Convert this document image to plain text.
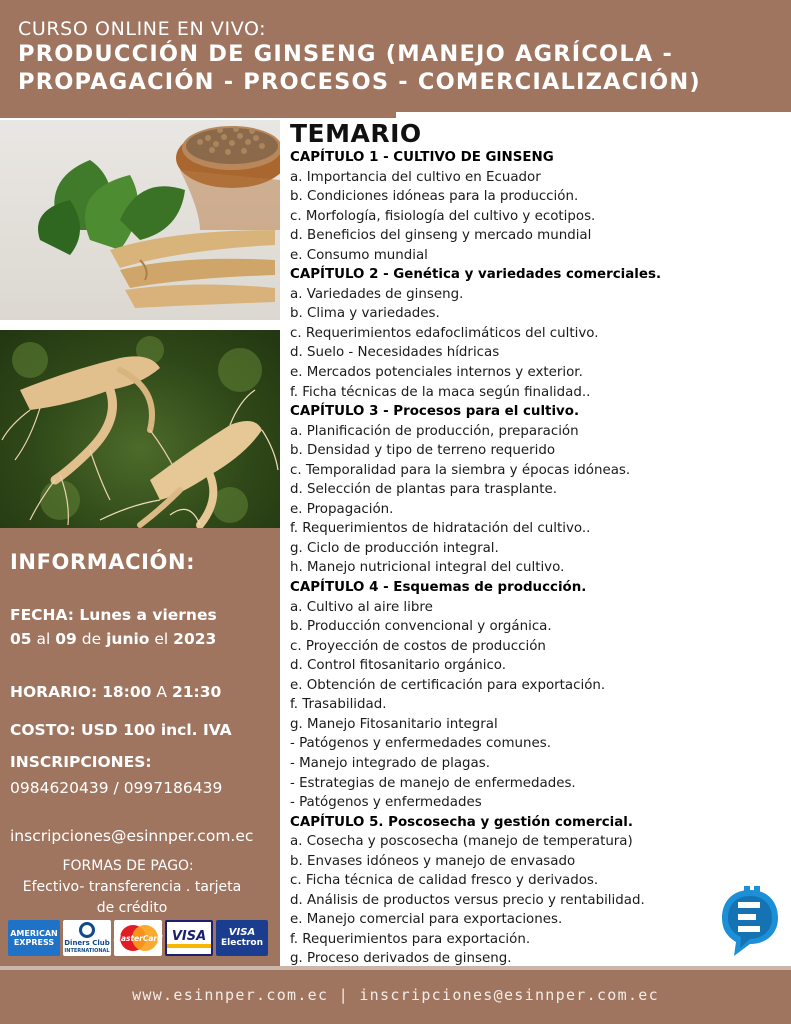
CURSO ONLINE EN VIVO:
PRODUCCIÓN DE GINSENG (MANEJO AGRÍCOLA -
PROPAGACIÓN - PROCESOS - COMERCIALIZACIÓN)
INFORMACIÓN:
FECHA: Lunes a viernes
05 al 09 de junio el 2023
HORARIO: 18:00 A 21:30
COSTO: USD 100 incl. IVA
INSCRIPCIONES:
0984620439 / 0997186439
inscripciones@esinnper.com.ec
FORMAS DE PAGO:
Efectivo- transferencia . tarjeta
de crédito
AMERICAN
EXPRESS Diners Club
INTERNATIONAL
MasterCard VISA VISA
Electron
TEMARIO
CAPÍTULO 1 - CULTIVO DE GINSENG
a. Importancia del cultivo en Ecuador
b. Condiciones idóneas para la producción.
c. Morfología, fisiología del cultivo y ecotipos.
d. Beneficios del ginseng y mercado mundial
e. Consumo mundial
CAPÍTULO 2 - Genética y variedades comerciales.
a. Variedades de ginseng.
b. Clima y variedades.
c. Requerimientos edafoclimáticos del cultivo.
d. Suelo - Necesidades hídricas
e. Mercados potenciales internos y exterior.
f. Ficha técnicas de la maca según finalidad..
CAPÍTULO 3 - Procesos para el cultivo.
a. Planificación de producción, preparación
b. Densidad y tipo de terreno requerido
c. Temporalidad para la siembra y épocas idóneas.
d. Selección de plantas para trasplante.
e. Propagación.
f. Requerimientos de hidratación del cultivo..
g. Ciclo de producción integral.
h. Manejo nutricional integral del cultivo.
CAPÍTULO 4 - Esquemas de producción.
a. Cultivo al aire libre
b. Producción convencional y orgánica.
c. Proyección de costos de producción
d. Control fitosanitario orgánico.
e. Obtención de certificación para exportación.
f. Trasabilidad.
g. Manejo Fitosanitario integral
- Patógenos y enfermedades comunes.
- Manejo integrado de plagas.
- Estrategias de manejo de enfermedades.
- Patógenos y enfermedades
CAPÍTULO 5. Poscosecha y gestión comercial.
a. Cosecha y poscosecha (manejo de temperatura)
b. Envases idóneos y manejo de envasado
c. Ficha técnica de calidad fresco y derivados.
d. Análisis de productos versus precio y rentabilidad.
e. Manejo comercial para exportaciones.
f. Requerimientos para exportación.
g. Proceso derivados de ginseng.
www.esinnper.com.ec | inscripciones@esinnper.com.ec
